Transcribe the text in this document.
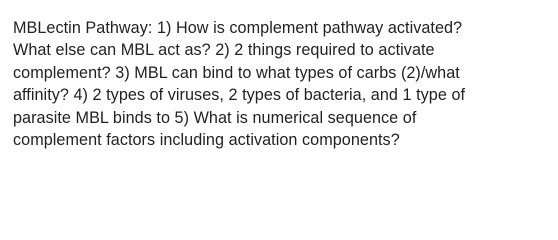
MBLectin Pathway: 1) How is complement pathway activated?
What else can MBL act as? 2) 2 things required to activate
complement? 3) MBL can bind to what types of carbs (2)/what
affinity? 4) 2 types of viruses, 2 types of bacteria, and 1 type of
parasite MBL binds to 5) What is numerical sequence of
complement factors including activation components?
